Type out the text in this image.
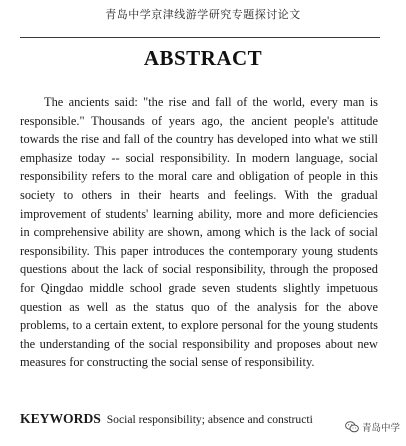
青岛中学京津线游学研究专题探讨论文
ABSTRACT

The ancients said: "the rise and fall of the world, every man is responsible." Thousands of years ago, the ancient people's attitude towards the rise and fall of the country has developed into what we still emphasize today -- social responsibility. In modern language, social responsibility refers to the moral care and obligation of people in this society to others in their hearts and feelings. With the gradual improvement of students' learning ability, more and more deficiencies in comprehensive ability are shown, among which is the lack of social responsibility. This paper introduces the contemporary young students questions about the lack of social responsibility, through the proposed for Qingdao middle school grade seven students slightly impetuous question as well as the status quo of the analysis for the above problems, to a certain extent, to explore personal for the young students the understanding of the social responsibility and proposes about new measures for constructing the social sense of responsibility.

KEYWORDS Social responsibility; absence and constructi
青岛中学
